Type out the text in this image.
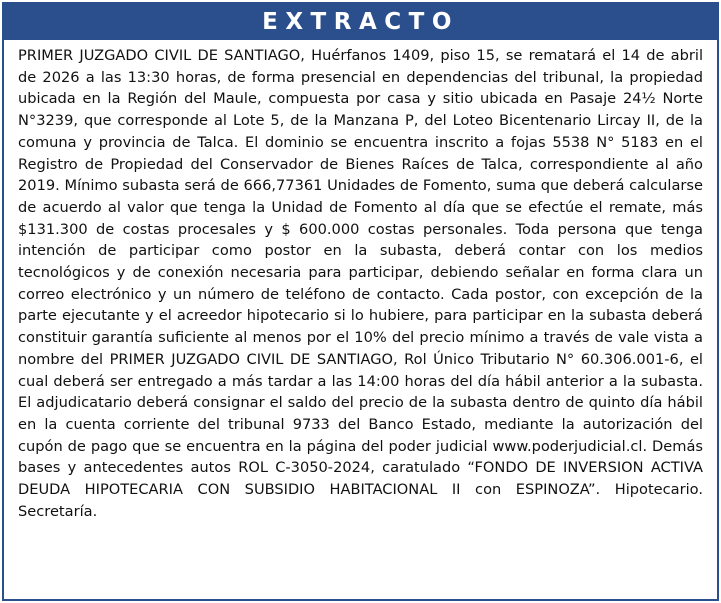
EXTRACTO
PRIMER JUZGADO CIVIL DE SANTIAGO, Huérfanos 1409, piso 15, se rematará el 14 de abril de 2026 a las 13:30 horas, de forma presencial en dependencias del tribunal, la propiedad ubicada en la Región del Maule, compuesta por casa y sitio ubicada en Pasaje 24½ Norte N°3239, que corresponde al Lote 5, de la Manzana P, del Loteo Bicentenario Lircay II, de la comuna y provincia de Talca. El dominio se encuentra inscrito a fojas 5538 N° 5183 en el Registro de Propiedad del Conservador de Bienes Raíces de Talca, correspondiente al año 2019. Mínimo subasta será de 666,77361 Unidades de Fomento, suma que deberá calcularse de acuerdo al valor que tenga la Unidad de Fomento al día que se efectúe el remate, más $131.300 de costas procesales y $ 600.000 costas personales. Toda persona que tenga intención de participar como postor en la subasta, deberá contar con los medios tecnológicos y de conexión necesaria para participar, debiendo señalar en forma clara un correo electrónico y un número de teléfono de contacto. Cada postor, con excepción de la parte ejecutante y el acreedor hipotecario si lo hubiere, para participar en la subasta deberá constituir garantía suficiente al menos por el 10% del precio mínimo a través de vale vista a nombre del PRIMER JUZGADO CIVIL DE SANTIAGO, Rol Único Tributario N° 60.306.001-6, el cual deberá ser entregado a más tardar a las 14:00 horas del día hábil anterior a la subasta. El adjudicatario deberá consignar el saldo del precio de la subasta dentro de quinto día hábil en la cuenta corriente del tribunal 9733 del Banco Estado, mediante la autorización del cupón de pago que se encuentra en la página del poder judicial www.poderjudicial.cl. Demás bases y antecedentes autos ROL C-3050-2024, caratulado “FONDO DE INVERSION ACTIVA DEUDA HIPOTECARIA CON SUBSIDIO HABITACIONAL II con ESPINOZA”. Hipotecario. Secretaría.
